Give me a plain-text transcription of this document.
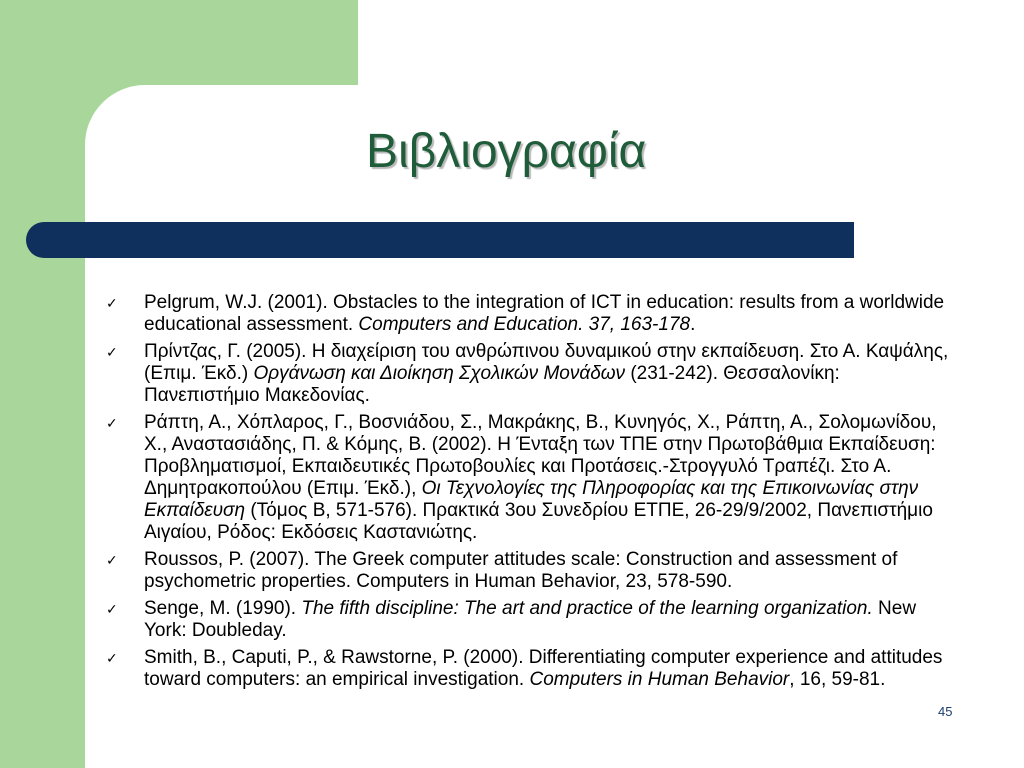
Βιβλιογραφία
✓ Pelgrum, W.J. (2001). Obstacles to the integration of ICT in education: results from a worldwide educational assessment. Computers and Education. 37, 163-178.
✓ Πρίντζας, Γ. (2005). Η διαχείριση του ανθρώπινου δυναμικού στην εκπαίδευση. Στο Α. Καψάλης, (Επιμ. Έκδ.) Οργάνωση και Διοίκηση Σχολικών Μονάδων (231-242). Θεσσαλονίκη: Πανεπιστήμιο Μακεδονίας.
✓ Ράπτη, Α., Χόπλαρος, Γ., Βοσνιάδου, Σ., Μακράκης, Β., Κυνηγός, Χ., Ράπτη, Α., Σολομωνίδου, Χ., Αναστασιάδης, Π. & Κόμης, Β. (2002). Η Ένταξη των ΤΠΕ στην Πρωτοβάθμια Εκπαίδευση: Προβληματισμοί, Εκπαιδευτικές Πρωτοβουλίες και Προτάσεις.-Στρογγυλό Τραπέζι. Στο Α. Δημητρακοπούλου (Επιμ. Έκδ.), Οι Τεχνολογίες της Πληροφορίας και της Επικοινωνίας στην Εκπαίδευση (Τόμος Β, 571-576). Πρακτικά 3ου Συνεδρίου ΕΤΠΕ, 26-29/9/2002, Πανεπιστήμιο Αιγαίου, Ρόδος: Εκδόσεις Καστανιώτης.
✓ Roussos, P. (2007). The Greek computer attitudes scale: Construction and assessment of psychometric properties. Computers in Human Behavior, 23, 578-590.
✓ Senge, M. (1990). The fifth discipline: The art and practice of the learning organization. New York: Doubleday.
✓ Smith, B., Caputi, P., & Rawstorne, P. (2000). Differentiating computer experience and attitudes toward computers: an empirical investigation. Computers in Human Behavior, 16, 59-81.
45
